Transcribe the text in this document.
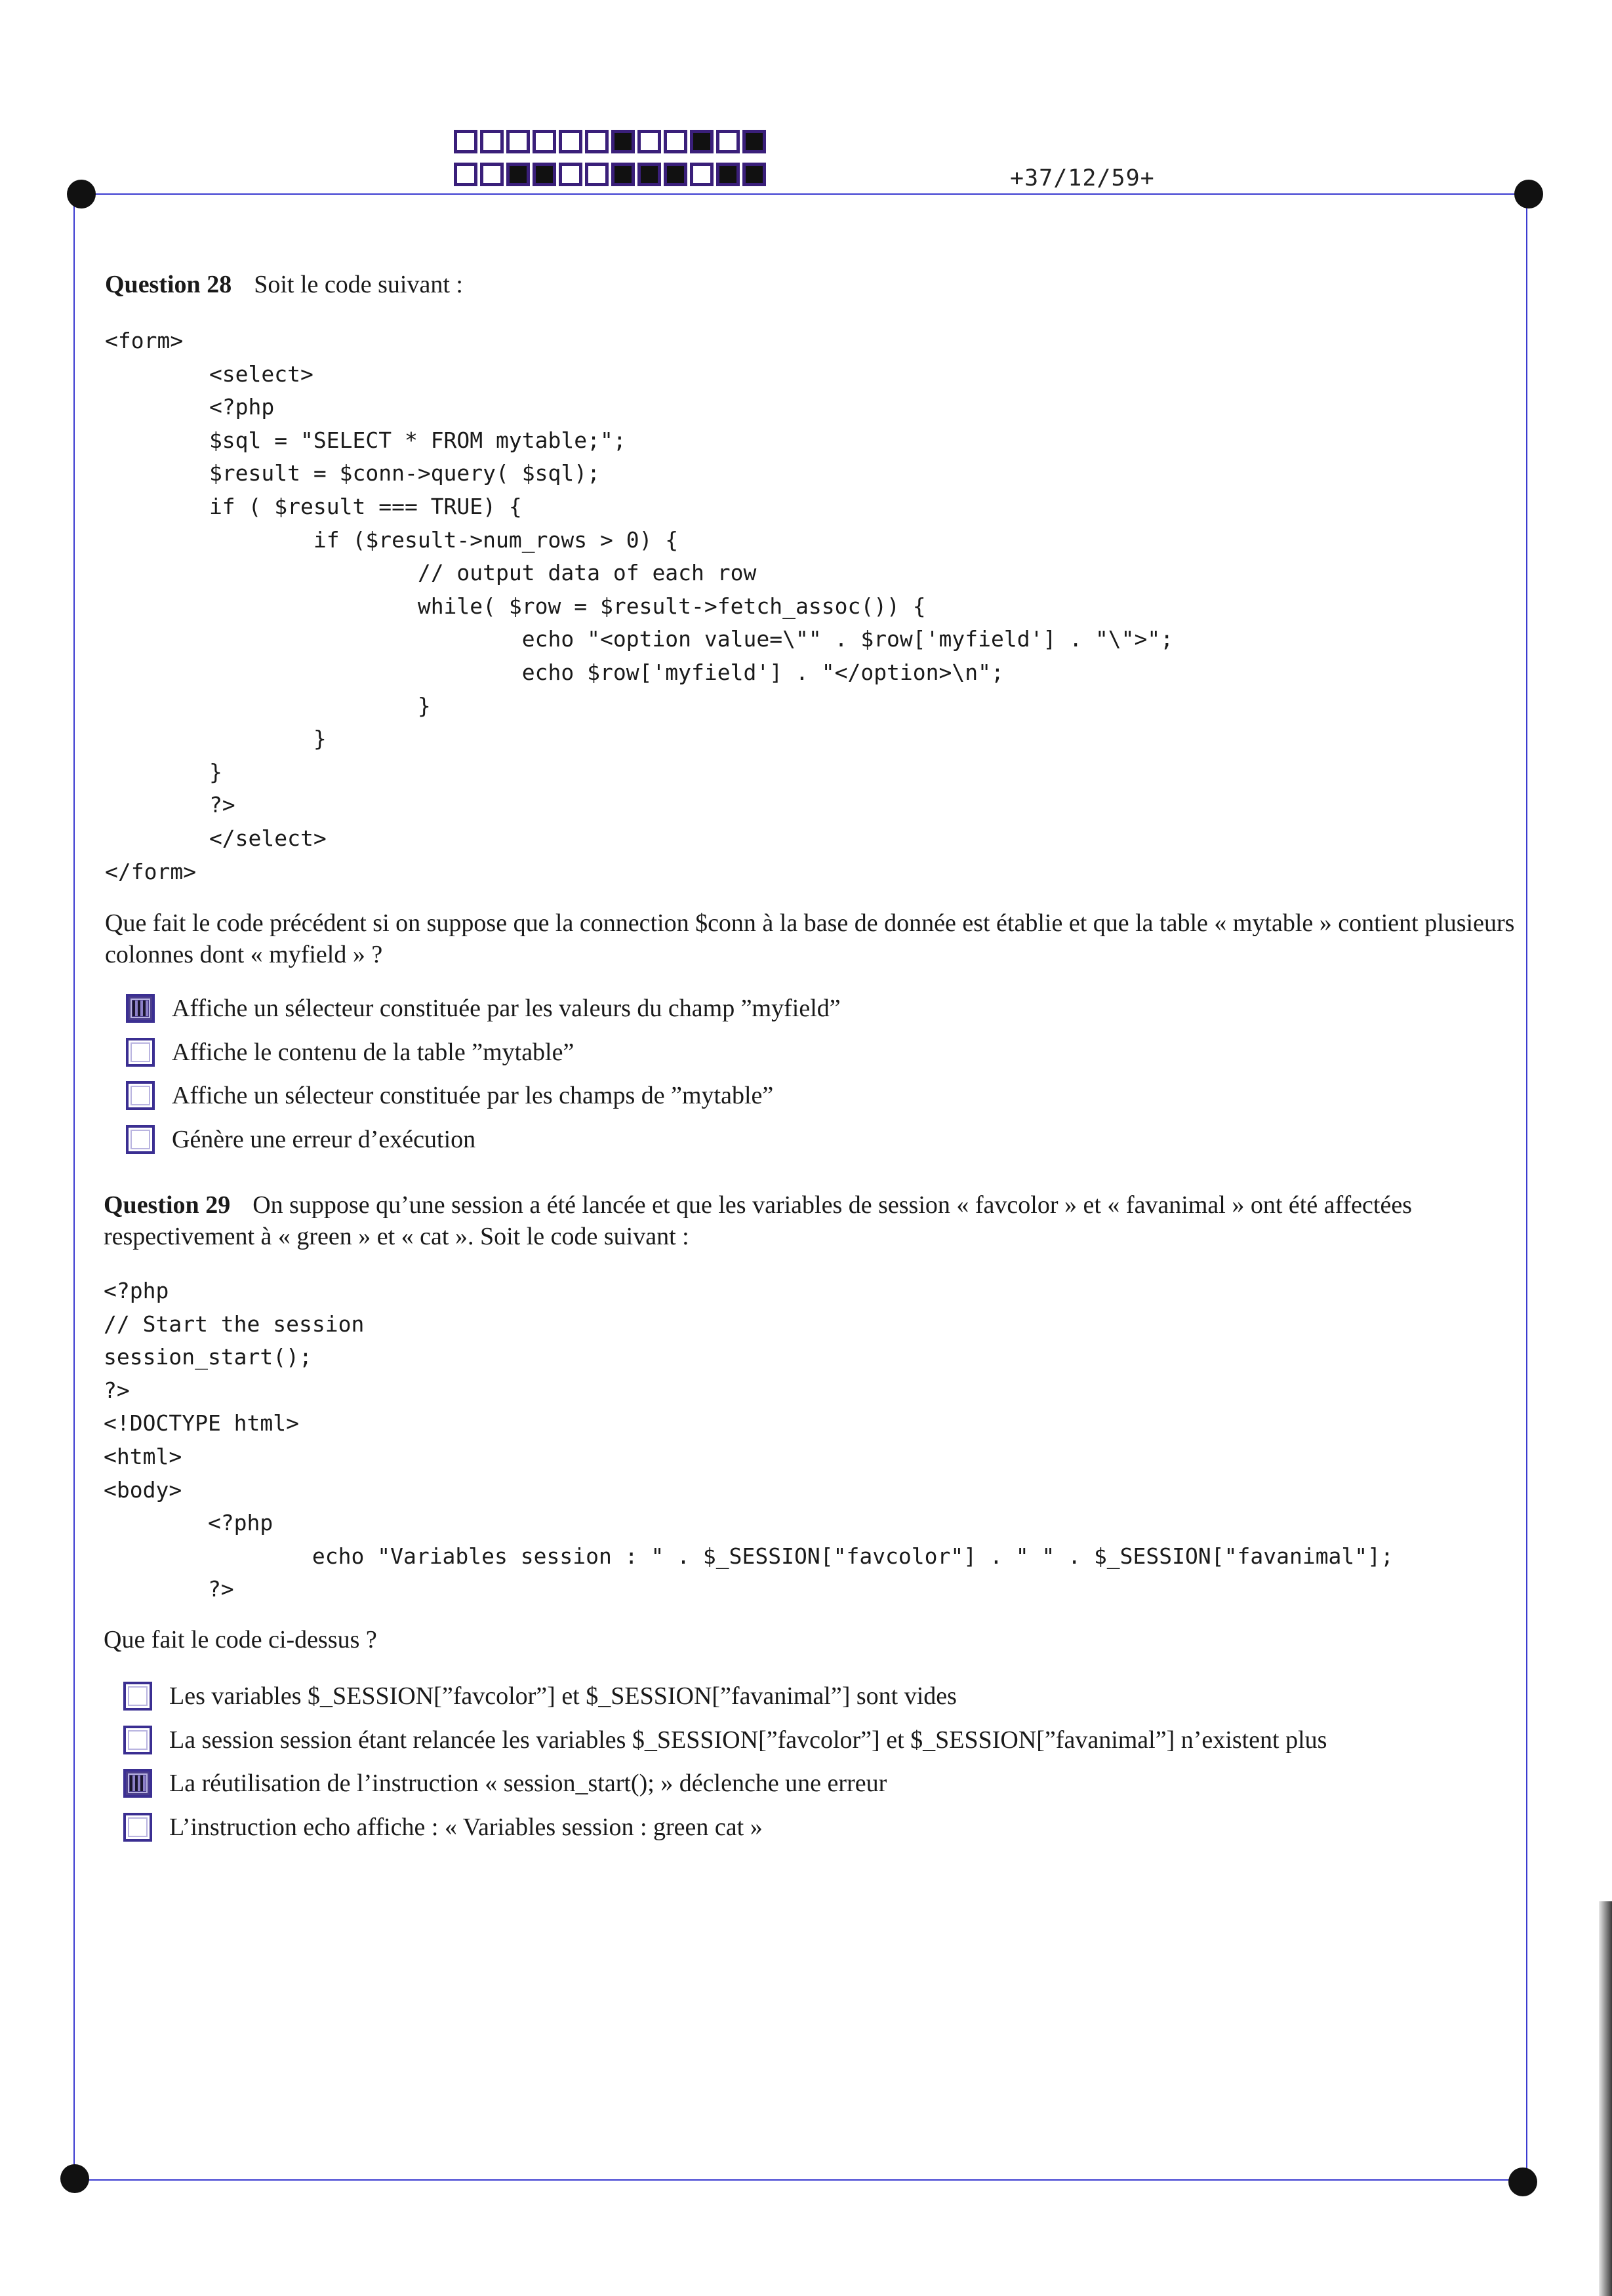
+37/12/59+
Question 28 Soit le code suivant :
<form>
<select>
<?php
$sql = "SELECT * FROM mytable;";
$result = $conn->query( $sql);
if ( $result === TRUE) {
if ($result->num_rows > 0) {
// output data of each row
while( $row = $result->fetch_assoc()) {
echo "<option value=\"" . $row['myfield'] . "\">";
echo $row['myfield'] . "</option>\n";
}
}
}
?>
</select>
</form>
Que fait le code précédent si on suppose que la connection $conn à la base de donnée est établie et que la table « mytable » contient plusieurs colonnes dont « myfield » ?
Affiche un sélecteur constituée par les valeurs du champ ”myfield”
Affiche le contenu de la table ”mytable”
Affiche un sélecteur constituée par les champs de ”mytable”
Génère une erreur d’exécution
Question 29 On suppose qu’une session a été lancée et que les variables de session « favcolor » et « favanimal » ont été affectées respectivement à « green » et « cat ». Soit le code suivant :
<?php
// Start the session
session_start();
?>
<!DOCTYPE html>
<html>
<body>
<?php
echo "Variables session : " . $_SESSION["favcolor"] . " " . $_SESSION["favanimal"];
?>
Que fait le code ci-dessus ?
Les variables $_SESSION[”favcolor”] et $_SESSION[”favanimal”] sont vides
La session session étant relancée les variables $_SESSION[”favcolor”] et $_SESSION[”favanimal”] n’existent plus
La réutilisation de l’instruction « session_start(); » déclenche une erreur
L’instruction echo affiche : « Variables session : green cat »
